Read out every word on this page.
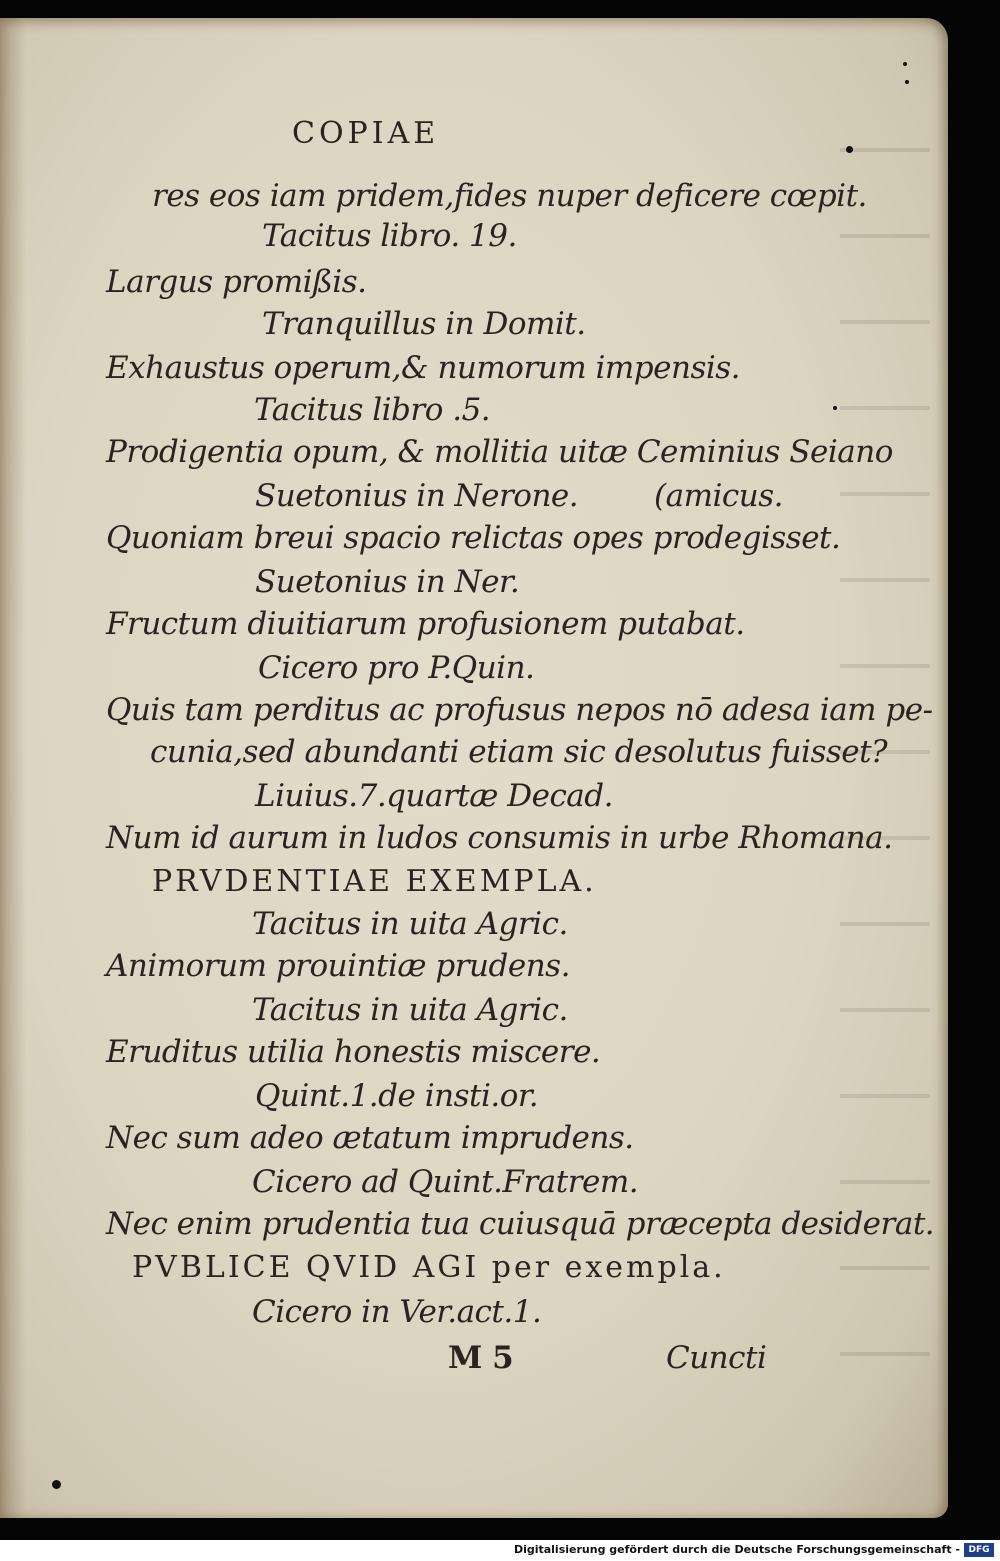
COPIAE
res eos iam pridem,fides nuper deficere cœpit.
Tacitus libro. 19.
Largus promißis.
Tranquillus in Domit.
Exhaustus operum,& numorum impensis.
Tacitus libro .5.
Prodigentia opum, & mollitia uitæ Ceminius Seiano
Suetonius in Nerone. (amicus.
Quoniam breui spacio relictas opes prodegisset.
Suetonius in Ner.
Fructum diuitiarum profusionem putabat.
Cicero pro P.Quin.
Quis tam perditus ac profusus nepos nō adesa iam pe-
cunia,sed abundanti etiam sic desolutus fuisset?
Liuius.7.quartæ Decad.
Num id aurum in ludos consumis in urbe Rhomana.
PRVDENTIAE EXEMPLA.
Tacitus in uita Agric.
Animorum prouintiæ prudens.
Tacitus in uita Agric.
Eruditus utilia honestis miscere.
Quint.1.de insti.or.
Nec sum adeo ætatum imprudens.
Cicero ad Quint.Fratrem.
Nec enim prudentia tua cuiusquā præcepta desiderat.
PVBLICE QVID AGI per exempla.
Cicero in Ver.act.1.
M 5	Cuncti
Digitalisierung gefördert durch die Deutsche Forschungsgemeinschaft - DFG
